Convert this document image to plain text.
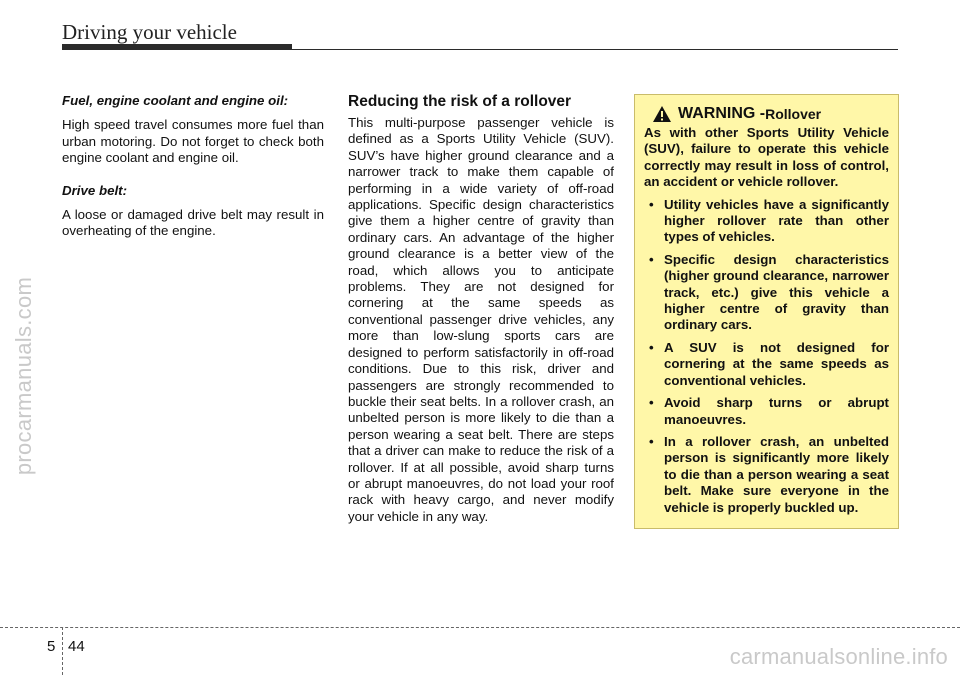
Driving your vehicle
procarmanuals.com

Fuel, engine coolant and engine oil:

High speed travel consumes more fuel than urban motoring. Do not forget to check both engine coolant and engine oil.

Drive belt:

A loose or damaged drive belt may result in overheating of the engine.

Reducing the risk of a rollover

This multi-purpose passenger vehicle is defined as a Sports Utility Vehicle (SUV). SUV’s have higher ground clearance and a narrower track to make them capable of performing in a wide variety of off-road applications. Specific design characteristics give them a higher centre of gravity than ordinary cars. An advantage of the higher ground clearance is a better view of the road, which allows you to anticipate problems. They are not designed for cornering at the same speeds as conventional passenger drive vehicles, any more than low-slung sports cars are designed to perform satisfactorily in off-road conditions. Due to this risk, driver and passengers are strongly recommended to buckle their seat belts. In a rollover crash, an unbelted person is more likely to die than a person wearing a seat belt. There are steps that a driver can make to reduce the risk of a rollover. If at all possible, avoid sharp turns or abrupt manoeuvres, do not load your roof rack with heavy cargo, and never modify your vehicle in any way.

WARNING - Rollover

As with other Sports Utility Vehicle (SUV), failure to operate this vehicle correctly may result in loss of control, an accident or vehicle rollover.

• Utility vehicles have a significantly higher rollover rate than other types of vehicles.
• Specific design characteristics (higher ground clearance, narrower track, etc.) give this vehicle a higher centre of gravity than ordinary cars.
• A SUV is not designed for cornering at the same speeds as conventional vehicles.
• Avoid sharp turns or abrupt manoeuvres.
• In a rollover crash, an unbelted person is significantly more likely to die than a person wearing a seat belt. Make sure everyone in the vehicle is properly buckled up.
5 44	carmanualsonline.info
